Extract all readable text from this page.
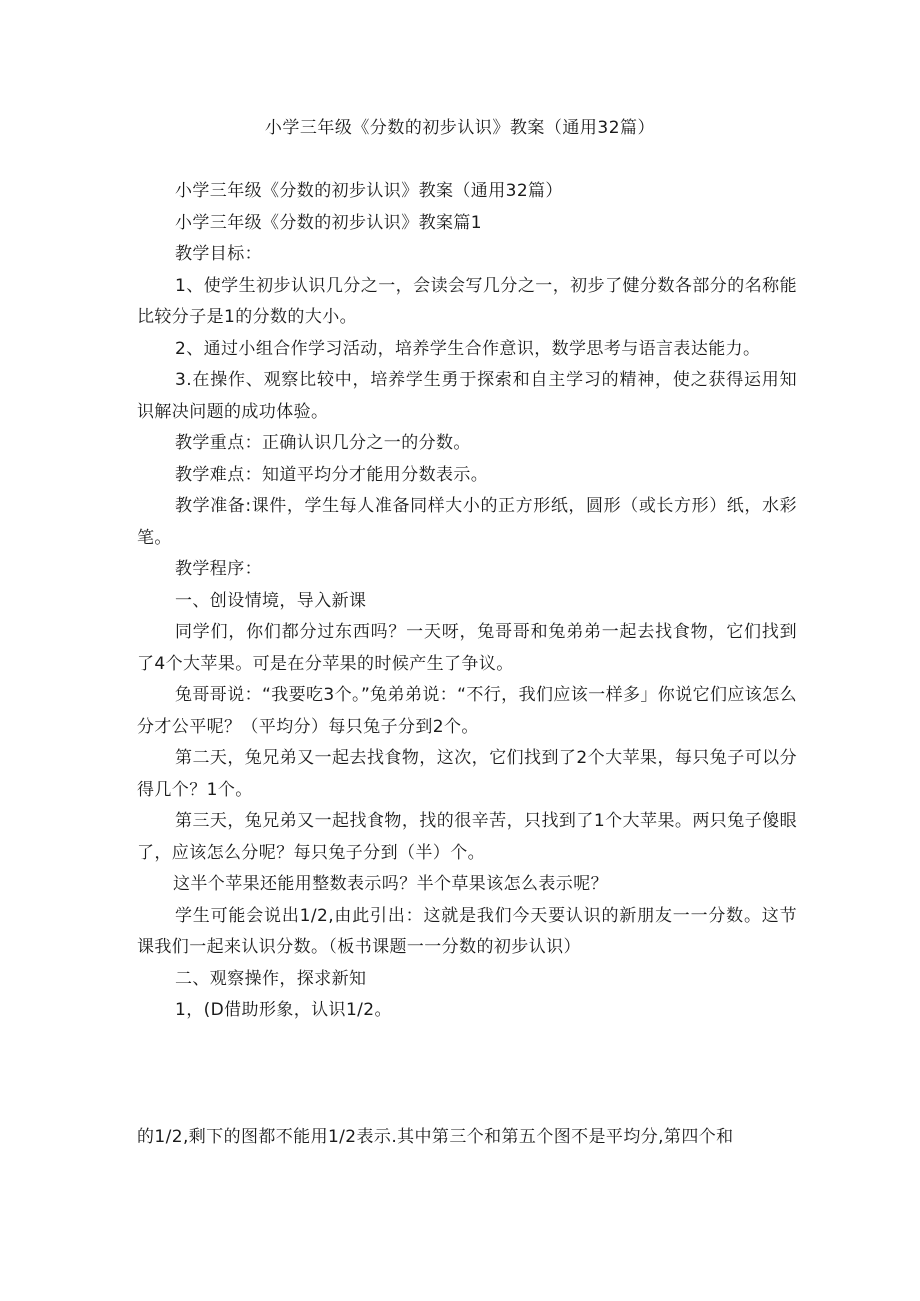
小学三年级《分数的初步认识》教案（通用32篇）

小学三年级《分数的初步认识》教案（通用32篇）

小学三年级《分数的初步认识》教案篇1

教学目标：

1、使学生初步认识几分之一，会读会写几分之一，初步了健分数各部分的名称能比较分子是1的分数的大小。

2、通过小组合作学习活动，培养学生合作意识，数学思考与语言表达能力。

3.在操作、观察比较中，培养学生勇于探索和自主学习的精神，使之获得运用知识解决问题的成功体验。

教学重点：正确认识几分之一的分数。

教学难点：知道平均分才能用分数表示。

教学准备:课件，学生每人准备同样大小的正方形纸，圆形（或长方形）纸，水彩笔。

教学程序：

一、创设情境，导入新课

同学们，你们都分过东西吗？一天呀，兔哥哥和兔弟弟一起去找食物，它们找到了4个大苹果。可是在分苹果的时候产生了争议。

兔哥哥说：“我要吃3个。”兔弟弟说：“不行，我们应该一样多」你说它们应该怎么分才公平呢？（平均分）每只兔子分到2个。

第二天，兔兄弟又一起去找食物，这次，它们找到了2个大苹果，每只兔子可以分得几个？1个。

第三天，兔兄弟又一起找食物，找的很辛苦，只找到了1个大苹果。两只兔子傻眼了，应该怎么分呢？每只兔子分到（半）个。

这半个苹果还能用整数表示吗？半个草果该怎么表示呢？

学生可能会说出1/2,由此引出：这就是我们今天要认识的新朋友一一分数。这节课我们一起来认识分数。（板书课题一一分数的初步认识）

二、观察操作，探求新知

1，(D借助形象，认识1/2。

的1/2,剩下的图都不能用1/2表示.其中第三个和第五个图不是平均分,第四个和
